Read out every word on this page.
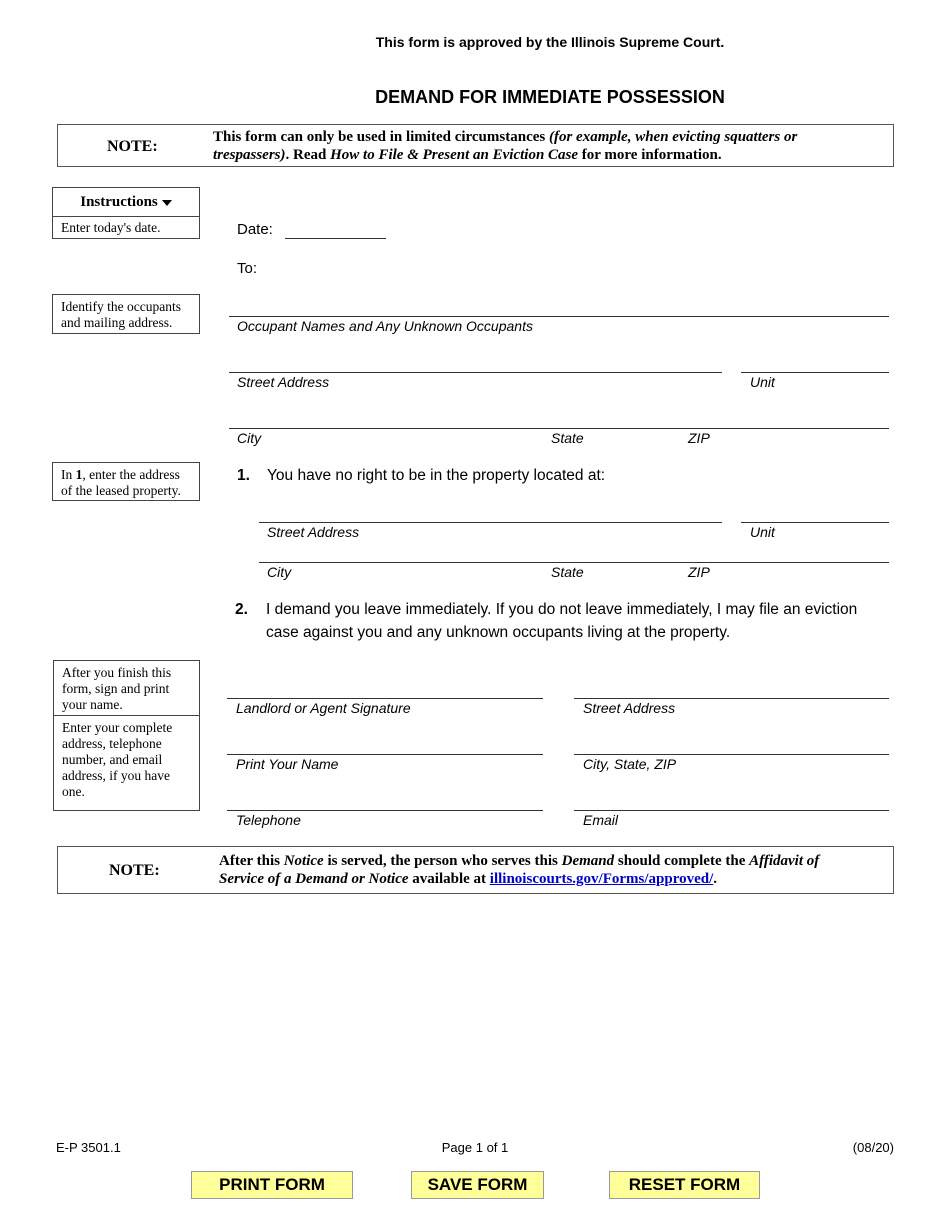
This form is approved by the Illinois Supreme Court.
DEMAND FOR IMMEDIATE POSSESSION
NOTE:
This form can only be used in limited circumstances (for example, when evicting squatters or trespassers). Read How to File & Present an Eviction Case for more information.
Instructions
Enter today's date.
Identify the occupants and mailing address.
In 1, enter the address of the leased property.
After you finish this form, sign and print your name.
Enter your complete address, telephone number, and email address, if you have one.
Date:
To:
Occupant Names and Any Unknown Occupants
Street Address	Unit
City	State	ZIP
1. You have no right to be in the property located at:
Street Address	Unit
City	State	ZIP
2. I demand you leave immediately. If you do not leave immediately, I may file an eviction case against you and any unknown occupants living at the property.
Landlord or Agent Signature	Street Address
Print Your Name	City, State, ZIP
Telephone	Email
NOTE:
After this Notice is served, the person who serves this Demand should complete the Affidavit of Service of a Demand or Notice available at illinoiscourts.gov/Forms/approved/.
E-P 3501.1	Page 1 of 1	(08/20)
PRINT FORM	SAVE FORM	RESET FORM
